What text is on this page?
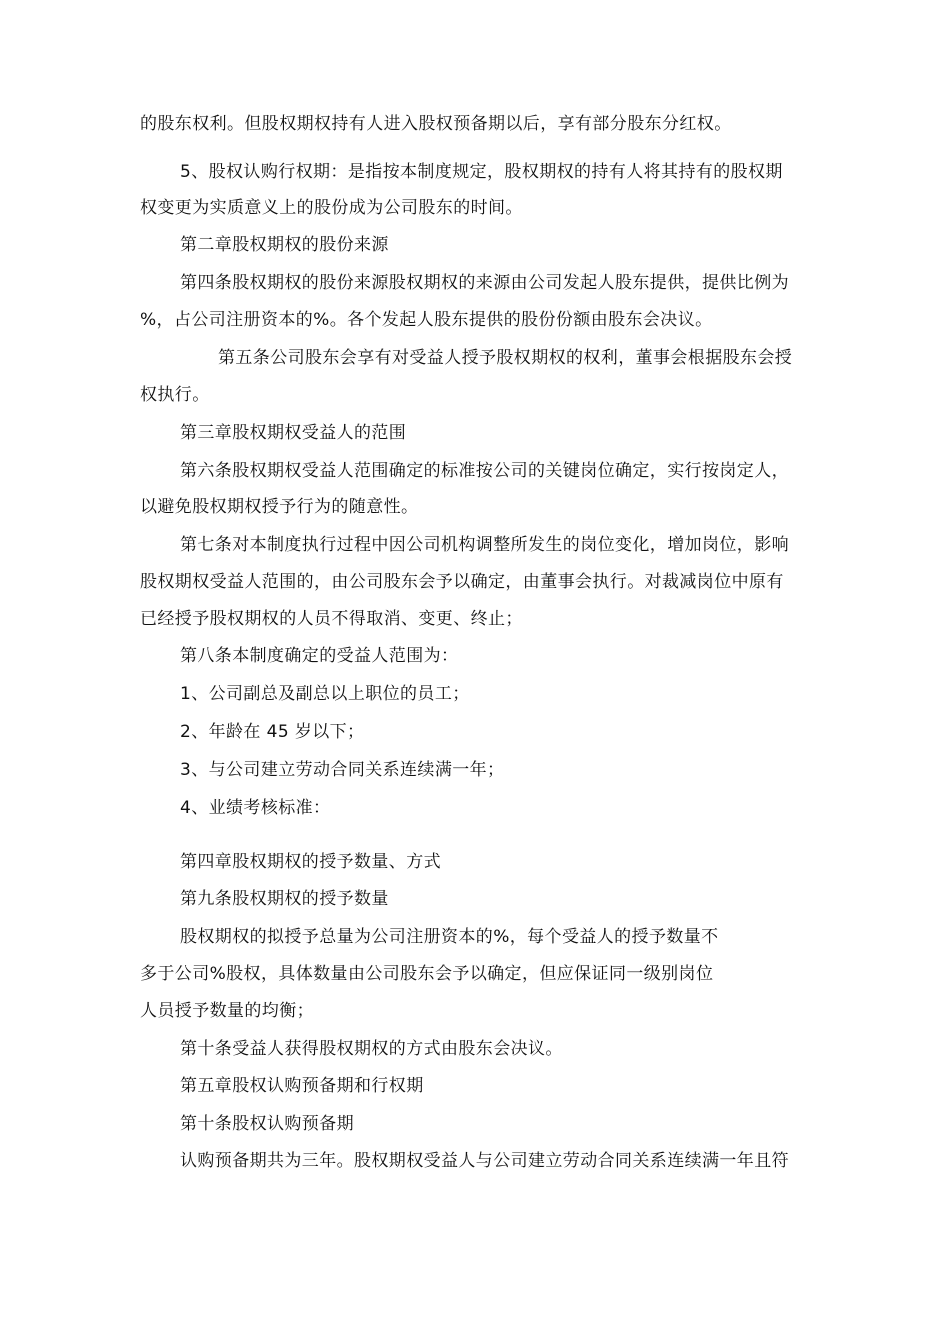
的股东权利。但股权期权持有人进入股权预备期以后，享有部分股东分红权。

5、股权认购行权期：是指按本制度规定，股权期权的持有人将其持有的股权期

权变更为实质意义上的股份成为公司股东的时间。

第二章股权期权的股份来源

第四条股权期权的股份来源股权期权的来源由公司发起人股东提供，提供比例为

%，占公司注册资本的%。各个发起人股东提供的股份份额由股东会决议。

第五条公司股东会享有对受益人授予股权期权的权利，董事会根据股东会授

权执行。

第三章股权期权受益人的范围

第六条股权期权受益人范围确定的标准按公司的关键岗位确定，实行按岗定人，

以避免股权期权授予行为的随意性。

第七条对本制度执行过程中因公司机构调整所发生的岗位变化，增加岗位，影响

股权期权受益人范围的，由公司股东会予以确定，由董事会执行。对裁减岗位中原有

已经授予股权期权的人员不得取消、变更、终止；

第八条本制度确定的受益人范围为：

1、公司副总及副总以上职位的员工；

2、年龄在 45 岁以下；

3、与公司建立劳动合同关系连续满一年；

4、业绩考核标准：

第四章股权期权的授予数量、方式

第九条股权期权的授予数量

股权期权的拟授予总量为公司注册资本的%，每个受益人的授予数量不

多于公司%股权，具体数量由公司股东会予以确定，但应保证同一级别岗位

人员授予数量的均衡；

第十条受益人获得股权期权的方式由股东会决议。

第五章股权认购预备期和行权期

第十条股权认购预备期

认购预备期共为三年。股权期权受益人与公司建立劳动合同关系连续满一年且符
